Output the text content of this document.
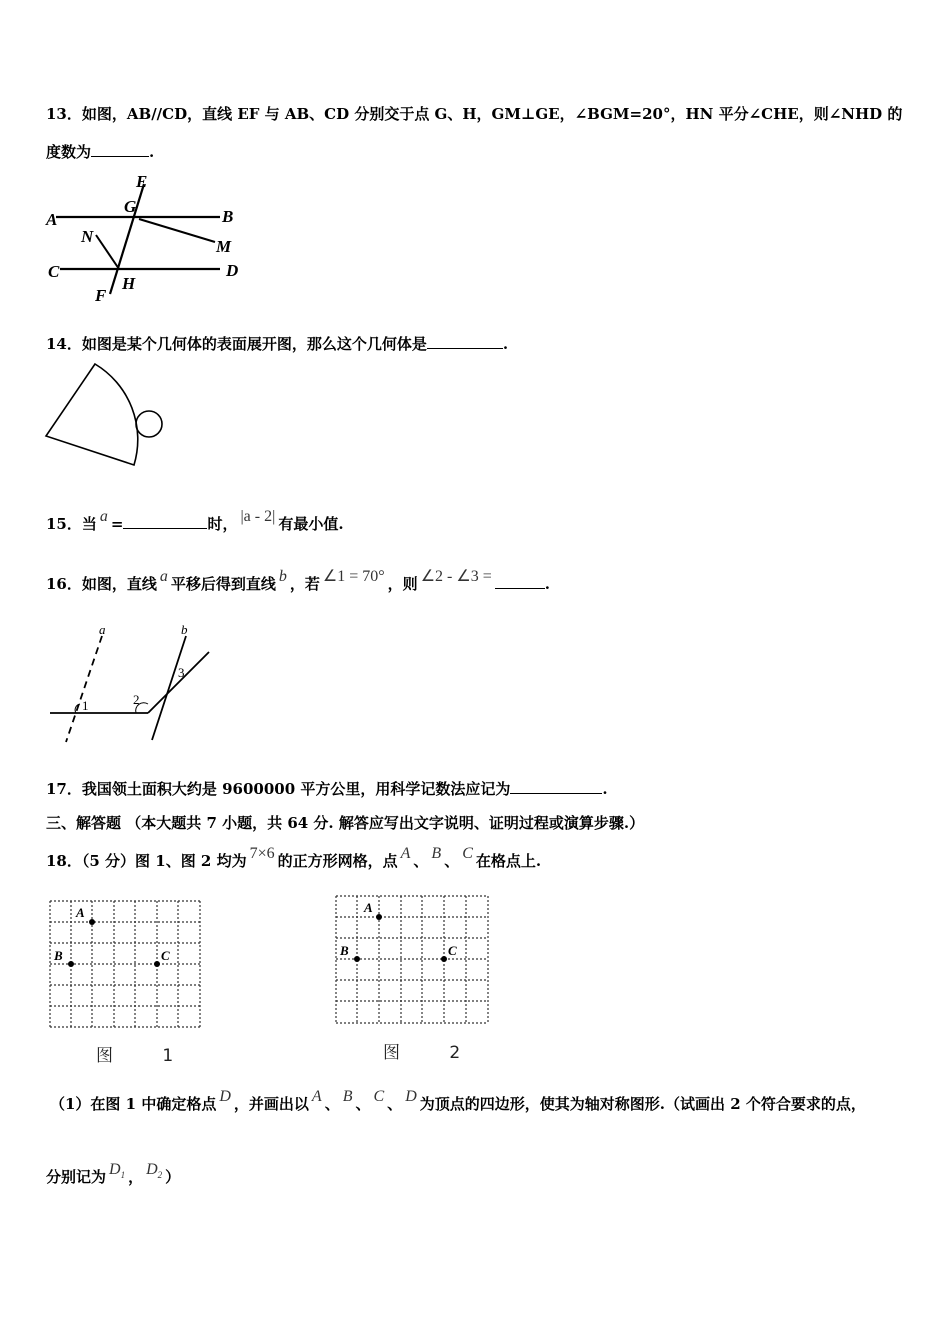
13．如图，AB//CD，直线 EF 与 AB、CD 分别交于点 G、H，GM⊥GE，∠BGM=20°，HN 平分∠CHE，则∠NHD 的
度数为	.
E
G
A	B
N
M
C	D
F
H
14．如图是某个几何体的表面展开图，那么这个几何体是	.
15．当 a =	时， |a - 2| 有最小值.
16．如图，直线 a 平移后得到直线 b ，若 ∠1 = 70° ，则 ∠2 - ∠3 =	.
a	b
1	2
3
17．我国领土面积大约是 9600000 平方公里，用科学记数法应记为	.
三、解答题 （本大题共 7 小题，共 64 分. 解答应写出文字说明、证明过程或演算步骤.）
18．（5 分）图 1、图 2 均为 7×6 的正方形网格，点 A 、 B 、 C 在格点上.
A
B	C
图 1
A
B	C
图 2
（1）在图 1 中确定格点 D ，并画出以 A 、 B 、 C 、 D 为顶点的四边形，使其为轴对称图形.（试画出 2 个符合要求的点，
分别记为 $D_1$ ， $D_2$ ）
